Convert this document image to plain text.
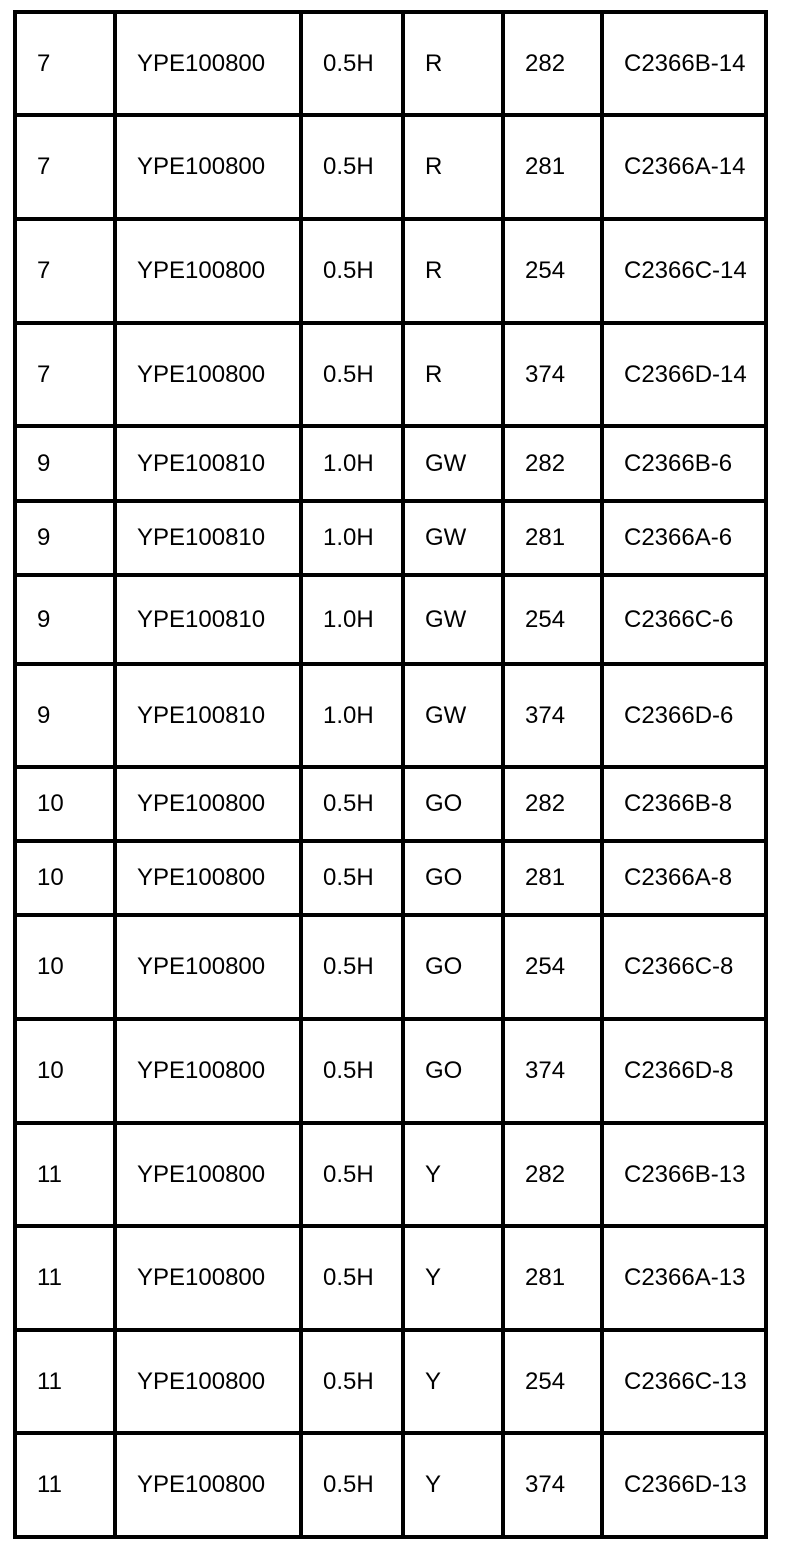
7	YPE100800	0.5H	R	282	C2366B-14
7	YPE100800	0.5H	R	281	C2366A-14
7	YPE100800	0.5H	R	254	C2366C-14
7	YPE100800	0.5H	R	374	C2366D-14
9	YPE100810	1.0H	GW	282	C2366B-6
9	YPE100810	1.0H	GW	281	C2366A-6
9	YPE100810	1.0H	GW	254	C2366C-6
9	YPE100810	1.0H	GW	374	C2366D-6
10	YPE100800	0.5H	GO	282	C2366B-8
10	YPE100800	0.5H	GO	281	C2366A-8
10	YPE100800	0.5H	GO	254	C2366C-8
10	YPE100800	0.5H	GO	374	C2366D-8
11	YPE100800	0.5H	Y	282	C2366B-13
11	YPE100800	0.5H	Y	281	C2366A-13
11	YPE100800	0.5H	Y	254	C2366C-13
11	YPE100800	0.5H	Y	374	C2366D-13
